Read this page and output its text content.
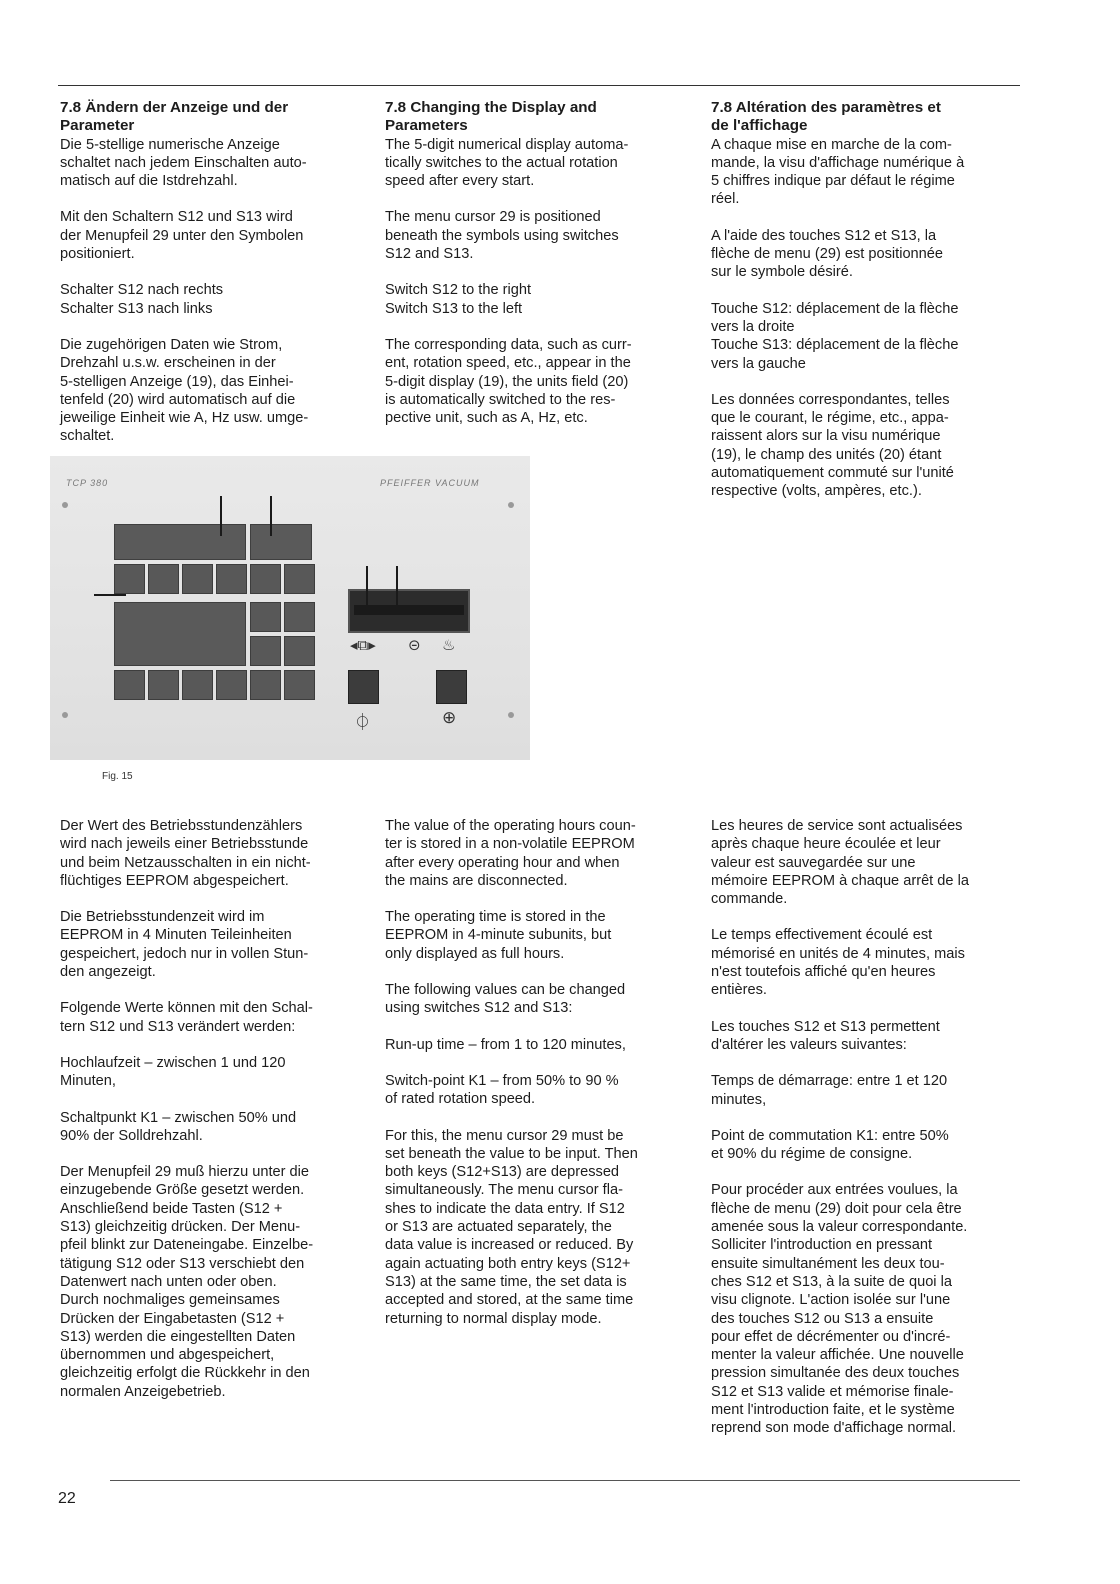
7.8 Ändern der Anzeige und der
Parameter

Die 5-stellige numerische Anzeige
schaltet nach jedem Einschalten auto-
matisch auf die Istdrehzahl.

Mit den Schaltern S12 und S13 wird
der Menupfeil 29 unter den Symbolen
positioniert.

Schalter S12 nach rechts
Schalter S13 nach links

Die zugehörigen Daten wie Strom,
Drehzahl u.s.w. erscheinen in der
5-stelligen Anzeige (19), das Einhei-
tenfeld (20) wird automatisch auf die
jeweilige Einheit wie A, Hz usw. umge-
schaltet.

7.8 Changing the Display and
Parameters

The 5-digit numerical display automa-
tically switches to the actual rotation
speed after every start.

The menu cursor 29 is positioned
beneath the symbols using switches
S12 and S13.

Switch S12 to the right
Switch S13 to the left

The corresponding data, such as curr-
ent, rotation speed, etc., appear in the
5-digit display (19), the units field (20)
is automatically switched to the res-
pective unit, such as A, Hz, etc.

7.8 Altération des paramètres et
de l'affichage

A chaque mise en marche de la com-
mande, la visu d'affichage numérique à
5 chiffres indique par défaut le régime
réel.

A l'aide des touches S12 et S13, la
flèche de menu (29) est positionnée
sur le symbole désiré.

Touche S12: déplacement de la flèche
vers la droite
Touche S13: déplacement de la flèche
vers la gauche

Les données correspondantes, telles
que le courant, le régime, etc., appa-
raissent alors sur la visu numérique
(19), le champ des unités (20) étant
automatiquement commuté sur l'unité
respective (volts, ampères, etc.).

TCP 380	PFEIFFER VACUUM
◂⧉▸ ⊝ ♨
⏀	⊕
Fig. 15

Der Wert des Betriebsstundenzählers
wird nach jeweils einer Betriebsstunde
und beim Netzausschalten in ein nicht-
flüchtiges EEPROM abgespeichert.

Die Betriebsstundenzeit wird im
EEPROM in 4 Minuten Teileinheiten
gespeichert, jedoch nur in vollen Stun-
den angezeigt.

Folgende Werte können mit den Schal-
tern S12 und S13 verändert werden:

Hochlaufzeit – zwischen 1 und 120
Minuten,

Schaltpunkt K1 – zwischen 50% und
90% der Solldrehzahl.

Der Menupfeil 29 muß hierzu unter die
einzugebende Größe gesetzt werden.
Anschließend beide Tasten (S12 +
S13) gleichzeitig drücken. Der Menu-
pfeil blinkt zur Dateneingabe. Einzelbe-
tätigung S12 oder S13 verschiebt den
Datenwert nach unten oder oben.
Durch nochmaliges gemeinsames
Drücken der Eingabetasten (S12 +
S13) werden die eingestellten Daten
übernommen und abgespeichert,
gleichzeitig erfolgt die Rückkehr in den
normalen Anzeigebetrieb.

The value of the operating hours coun-
ter is stored in a non-volatile EEPROM
after every operating hour and when
the mains are disconnected.

The operating time is stored in the
EEPROM in 4-minute subunits, but
only displayed as full hours.

The following values can be changed
using switches S12 and S13:

Run-up time – from 1 to 120 minutes,

Switch-point K1 – from 50% to 90 %
of rated rotation speed.

For this, the menu cursor 29 must be
set beneath the value to be input. Then
both keys (S12+S13) are depressed
simultaneously. The menu cursor fla-
shes to indicate the data entry. If S12
or S13 are actuated separately, the
data value is increased or reduced. By
again actuating both entry keys (S12+
S13) at the same time, the set data is
accepted and stored, at the same time
returning to normal display mode.

Les heures de service sont actualisées
après chaque heure écoulée et leur
valeur est sauvegardée sur une
mémoire EEPROM à chaque arrêt de la
commande.

Le temps effectivement écoulé est
mémorisé en unités de 4 minutes, mais
n'est toutefois affiché qu'en heures
entières.

Les touches S12 et S13 permettent
d'altérer les valeurs suivantes:

Temps de démarrage: entre 1 et 120
minutes,

Point de commutation K1: entre 50%
et 90% du régime de consigne.

Pour procéder aux entrées voulues, la
flèche de menu (29) doit pour cela être
amenée sous la valeur correspondante.
Solliciter l'introduction en pressant
ensuite simultanément les deux tou-
ches S12 et S13, à la suite de quoi la
visu clignote. L'action isolée sur l'une
des touches S12 ou S13 a ensuite
pour effet de décrémenter ou d'incré-
menter la valeur affichée. Une nouvelle
pression simultanée des deux touches
S12 et S13 valide et mémorise finale-
ment l'introduction faite, et le système
reprend son mode d'affichage normal.

22
